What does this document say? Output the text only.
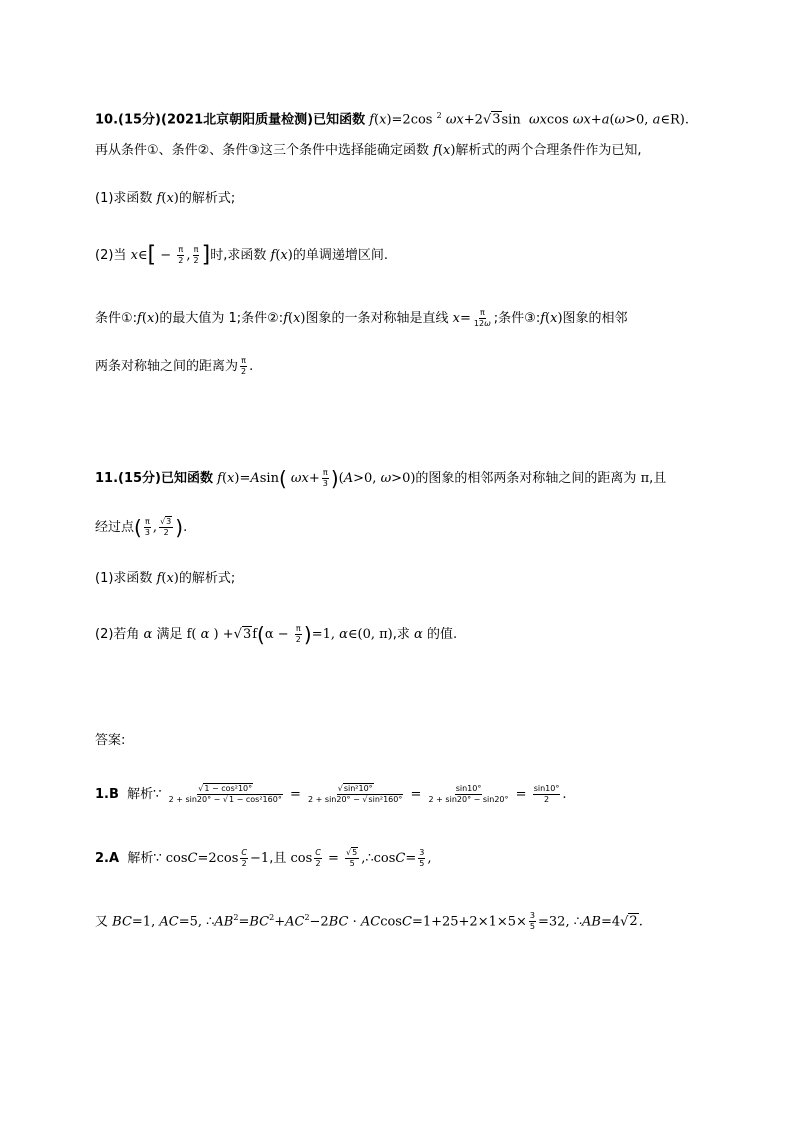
10.(15分)(2021北京朝阳质量检测)已知函数 f(x)=2cos $^2$ ωx+2√3sin  ωxcos ωx+a(ω>0, a∈R).
再从条件①、条件②、条件③这三个条件中选择能确定函数 f(x)解析式的两个合理条件作为已知,
(1)求函数 f(x)的解析式;
(2)当 x∈[ − $\frac{\pi}{2}$ , $\frac{\pi}{2}$ ]时,求函数 f(x)的单调递增区间.
条件①:f(x)的最大值为 1;条件②:f(x)图象的一条对称轴是直线 $x= \frac{\pi}{12\omega}$ ;条件③:f(x)图象的相邻
两条对称轴之间的距离为 $\frac{\pi}{2}$ .
11.(15分)已知函数 f(x)=Asin( $\omega x+ \frac{\pi}{3} )(A>0$, ω>0)的图象的相邻两条对称轴之间的距离为 π,且
经过点( $\frac{\pi}{3}$ , $\frac{√3}{2}$ ).
(1)求函数 f(x)的解析式;
(2)若角 α 满足 f( α ) $+√3f(\alpha - \frac{\pi}{2} )=1$, α∈(0, π),求 α 的值.
答案:
1.B 解析∵ $\frac{\text{√1 − cos²10°}}{\text{2 + sin20° − √1 − cos²160°}} = \frac{\text{√sin²10°}}{\text{2 + sin20° − √sin²160°}} = \frac{\sin 10^\circ}{2 + \sin 20^\circ - \sin 20^\circ} = \frac{\sin 10^\circ}{2}$ .
2.A 解析∵ $\cos C=2\cos \frac{C}{2} -1$,且 $\cos \frac{C}{2} = \frac{√5}{5}$ ,∴cosC= $\frac{3}{5}$ ,
又 BC=1, AC=5, $\therefore AB^2=BC^2+AC^2-2BC \cdot ACcosC=1+25+2\times 1\times 5\times \frac{3}{5} =32$, ∴AB=4√2.
